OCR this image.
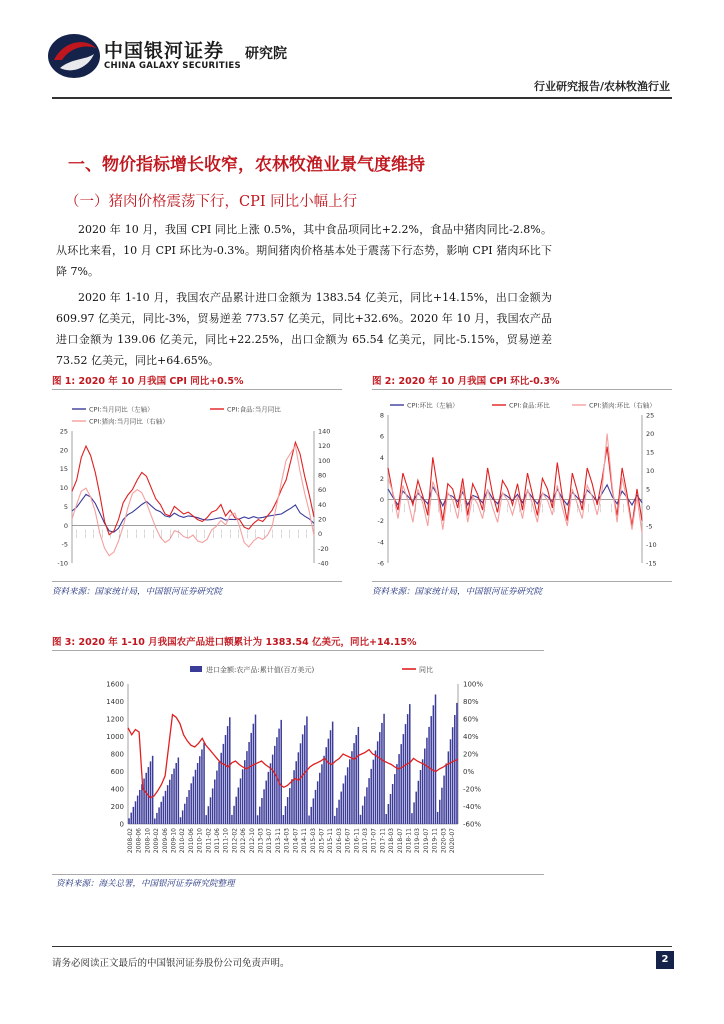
中国银河证券
CHINA GALAXY SECURITIES
研究院
行业研究报告/农林牧渔行业
一、物价指标增长收窄，农林牧渔业景气度维持
（一）猪肉价格震荡下行，CPI 同比小幅上行

2020 年 10 月，我国 CPI 同比上涨 0.5%，其中食品项同比+2.2%，食品中猪肉同比-2.8%。从环比来看，10 月 CPI 环比为-0.3%。期间猪肉价格基本处于震荡下行态势，影响 CPI 猪肉环比下降 7%。

2020 年 1-10 月，我国农产品累计进口金额为 1383.54 亿美元，同比+14.15%，出口金额为 609.97 亿美元，同比-3%，贸易逆差 773.57 亿美元，同比+32.6%。2020 年 10 月，我国农产品进口金额为 139.06 亿美元，同比+22.25%，出口金额为 65.54 亿美元，同比-5.15%，贸易逆差 73.52 亿美元，同比+64.65%。

图 1: 2020 年 10 月我国 CPI 同比+0.5%
CPI:当月同比（左轴）	CPI:食品:当月同比
CPI:猪肉:当月同比（右轴）
25
20
15
10
5
0
-5
-10
140
120
100
80
60
40
20
0
-20
-40
—— —— —— —— —— —— —— —— —— —— —— —— —— —— —— —— —— —— —— —— —— —— —— —— —— —— —— ——
资料来源：国家统计局，中国银河证券研究院
图 2: 2020 年 10 月我国 CPI 环比-0.3%
CPI:环比（左轴）	CPI:食品:环比	CPI:猪肉:环比（右轴）
8
6
4
2
0
-2
-4
-6
25
20
15
10
5
0
-5
-10
-15
—— —— —— —— —— —— —— —— —— —— —— —— —— —— —— —— —— —— —— —— —— ——
资料来源：国家统计局，中国银河证券研究院
图 3: 2020 年 1-10 月我国农产品进口额累计为 1383.54 亿美元，同比+14.15%
进口金额:农产品:累计值(百万美元)	同比
1600
1400
1200
1000
800
600
400
200
0
100%
80%
60%
40%
20%
0%
-20%
-40%
-60%
2008-02 2008-06 2008-10 2009-02 2009-06 2009-10 2010-02 2010-06 2010-10 2011-02 2011-06 2011-10 2012-02 2012-06 2012-10 2013-03 2013-07 2013-11 2014-03 2014-07 2014-11 2015-03 2015-07 2015-11 2016-03 2016-07 2016-11 2017-03 2017-07 2017-11 2018-03 2018-07 2018-11 2019-03 2019-07 2019-11 2020-03 2020-07
资料来源：海关总署，中国银河证券研究院整理
请务必阅读正文最后的中国银河证券股份公司免责声明。	2
